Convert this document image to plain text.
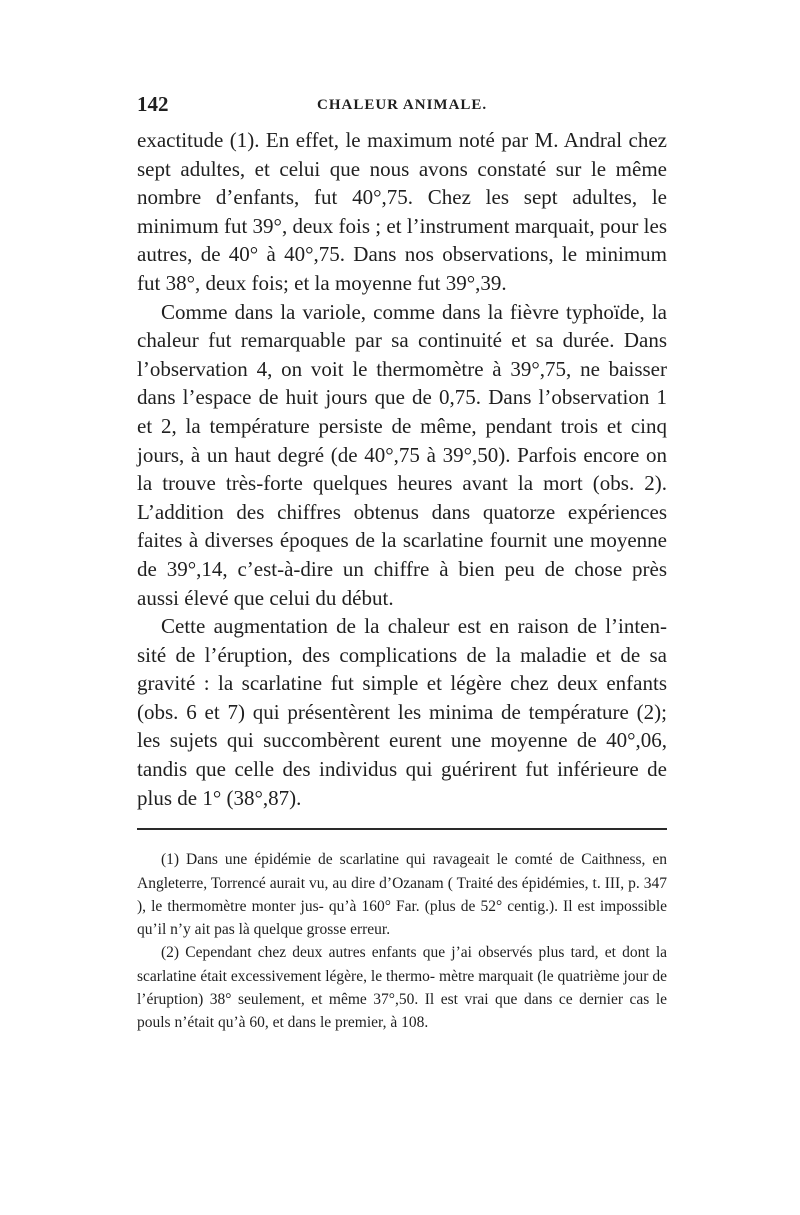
142	CHALEUR ANIMALE.

exactitude (1). En effet, le maximum noté par M. Andral chez sept adultes, et celui que nous avons constaté sur le même nombre d’enfants, fut 40°,75. Chez les sept adultes, le minimum fut 39°, deux fois ; et l’instrument marquait, pour les autres, de 40° à 40°,75. Dans nos observations, le minimum fut 38°, deux fois; et la moyenne fut 39°,39.

Comme dans la variole, comme dans la fièvre typhoïde, la chaleur fut remarquable par sa continuité et sa durée. Dans l’observation 4, on voit le thermomètre à 39°,75, ne baisser dans l’espace de huit jours que de 0,75. Dans l’observation 1 et 2, la température persiste de même, pendant trois et cinq jours, à un haut degré (de 40°,75 à 39°,50). Parfois encore on la trouve très-forte quelques heures avant la mort (obs. 2). L’addition des chiffres obtenus dans quatorze expériences faites à diverses époques de la scarlatine fournit une moyenne de 39°,14, c’est-à-dire un chiffre à bien peu de chose près aussi élevé que celui du début.

Cette augmentation de la chaleur est en raison de l’inten- sité de l’éruption, des complications de la maladie et de sa gravité : la scarlatine fut simple et légère chez deux enfants (obs. 6 et 7) qui présentèrent les minima de température (2); les sujets qui succombèrent eurent une moyenne de 40°,06, tandis que celle des individus qui guérirent fut inférieure de plus de 1° (38°,87).

(1) Dans une épidémie de scarlatine qui ravageait le comté de Caithness, en Angleterre, Torrencé aurait vu, au dire d’Ozanam ( Traité des épidémies, t. III, p. 347 ), le thermomètre monter jus- qu’à 160° Far. (plus de 52° centig.). Il est impossible qu’il n’y ait pas là quelque grosse erreur.

(2) Cependant chez deux autres enfants que j’ai observés plus tard, et dont la scarlatine était excessivement légère, le thermo- mètre marquait (le quatrième jour de l’éruption) 38° seulement, et même 37°,50. Il est vrai que dans ce dernier cas le pouls n’était qu’à 60, et dans le premier, à 108.
